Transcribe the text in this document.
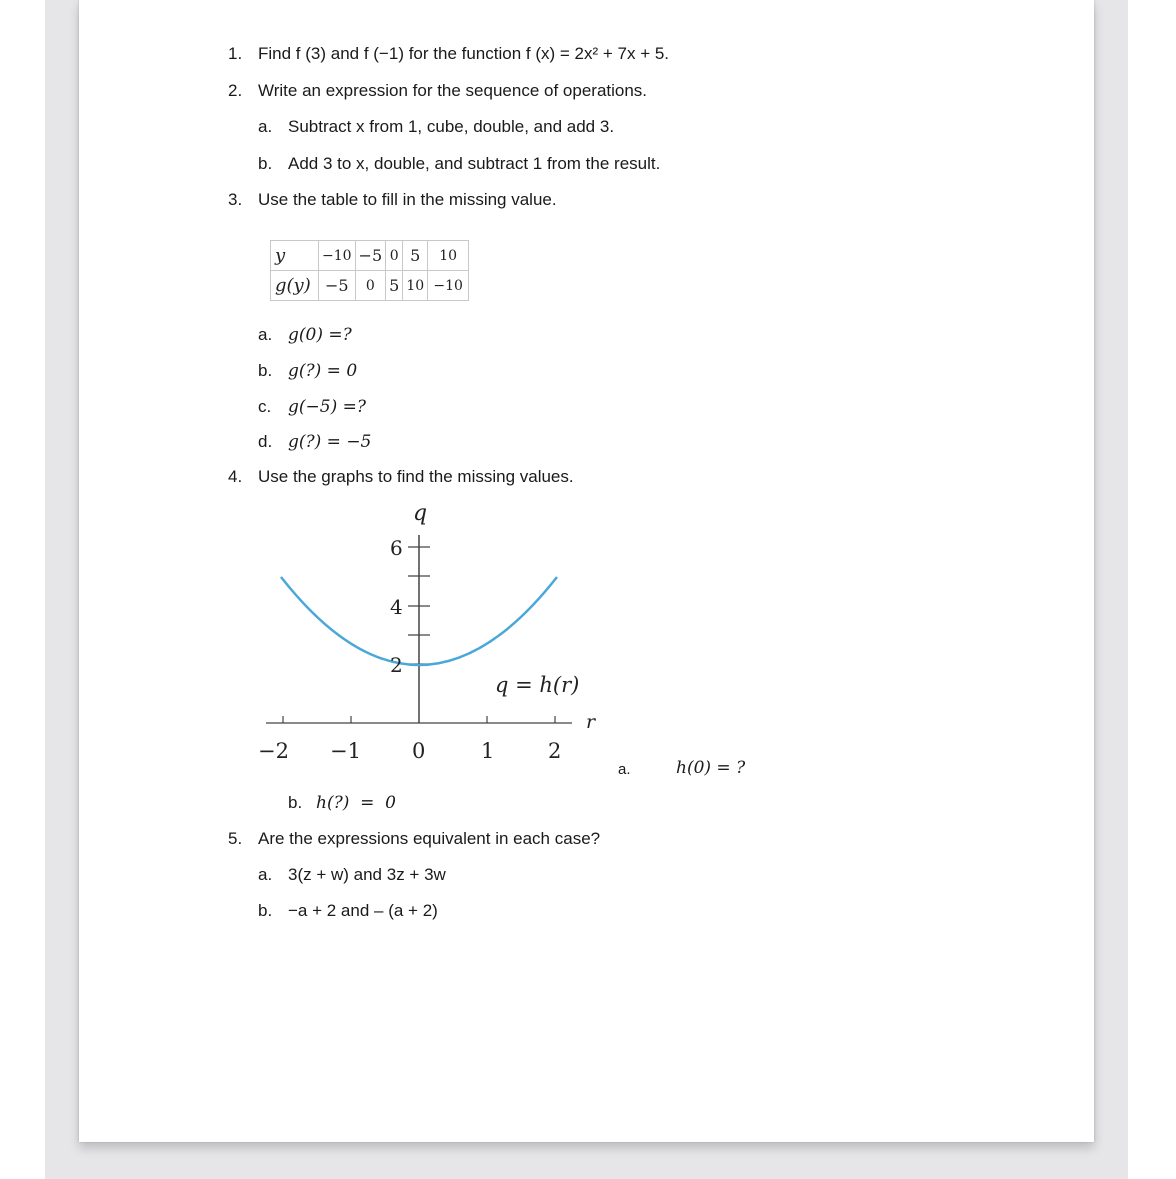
1. Find f (3) and f (−1) for the function f (x) = 2x² + 7x + 5.
2. Write an expression for the sequence of operations.
a. Subtract x from 1, cube, double, and add 3.
b. Add 3 to x, double, and subtract 1 from the result.
3. Use the table to fill in the missing value.
y	−10	−5	0	5	10
g(y)	−5	0	5	10	−10
a. g(0) =?
b. g(?) = 0
c. g(−5) =?
d. g(?) = −5
4. Use the graphs to find the missing values.
q
r
6
4
2
−2 −1 0	1	2
q = h(r)
a.	h(0) = ?
b. h(?)  =  0
5. Are the expressions equivalent in each case?
a. 3(z + w) and 3z + 3w
b. −a + 2 and – (a + 2)
